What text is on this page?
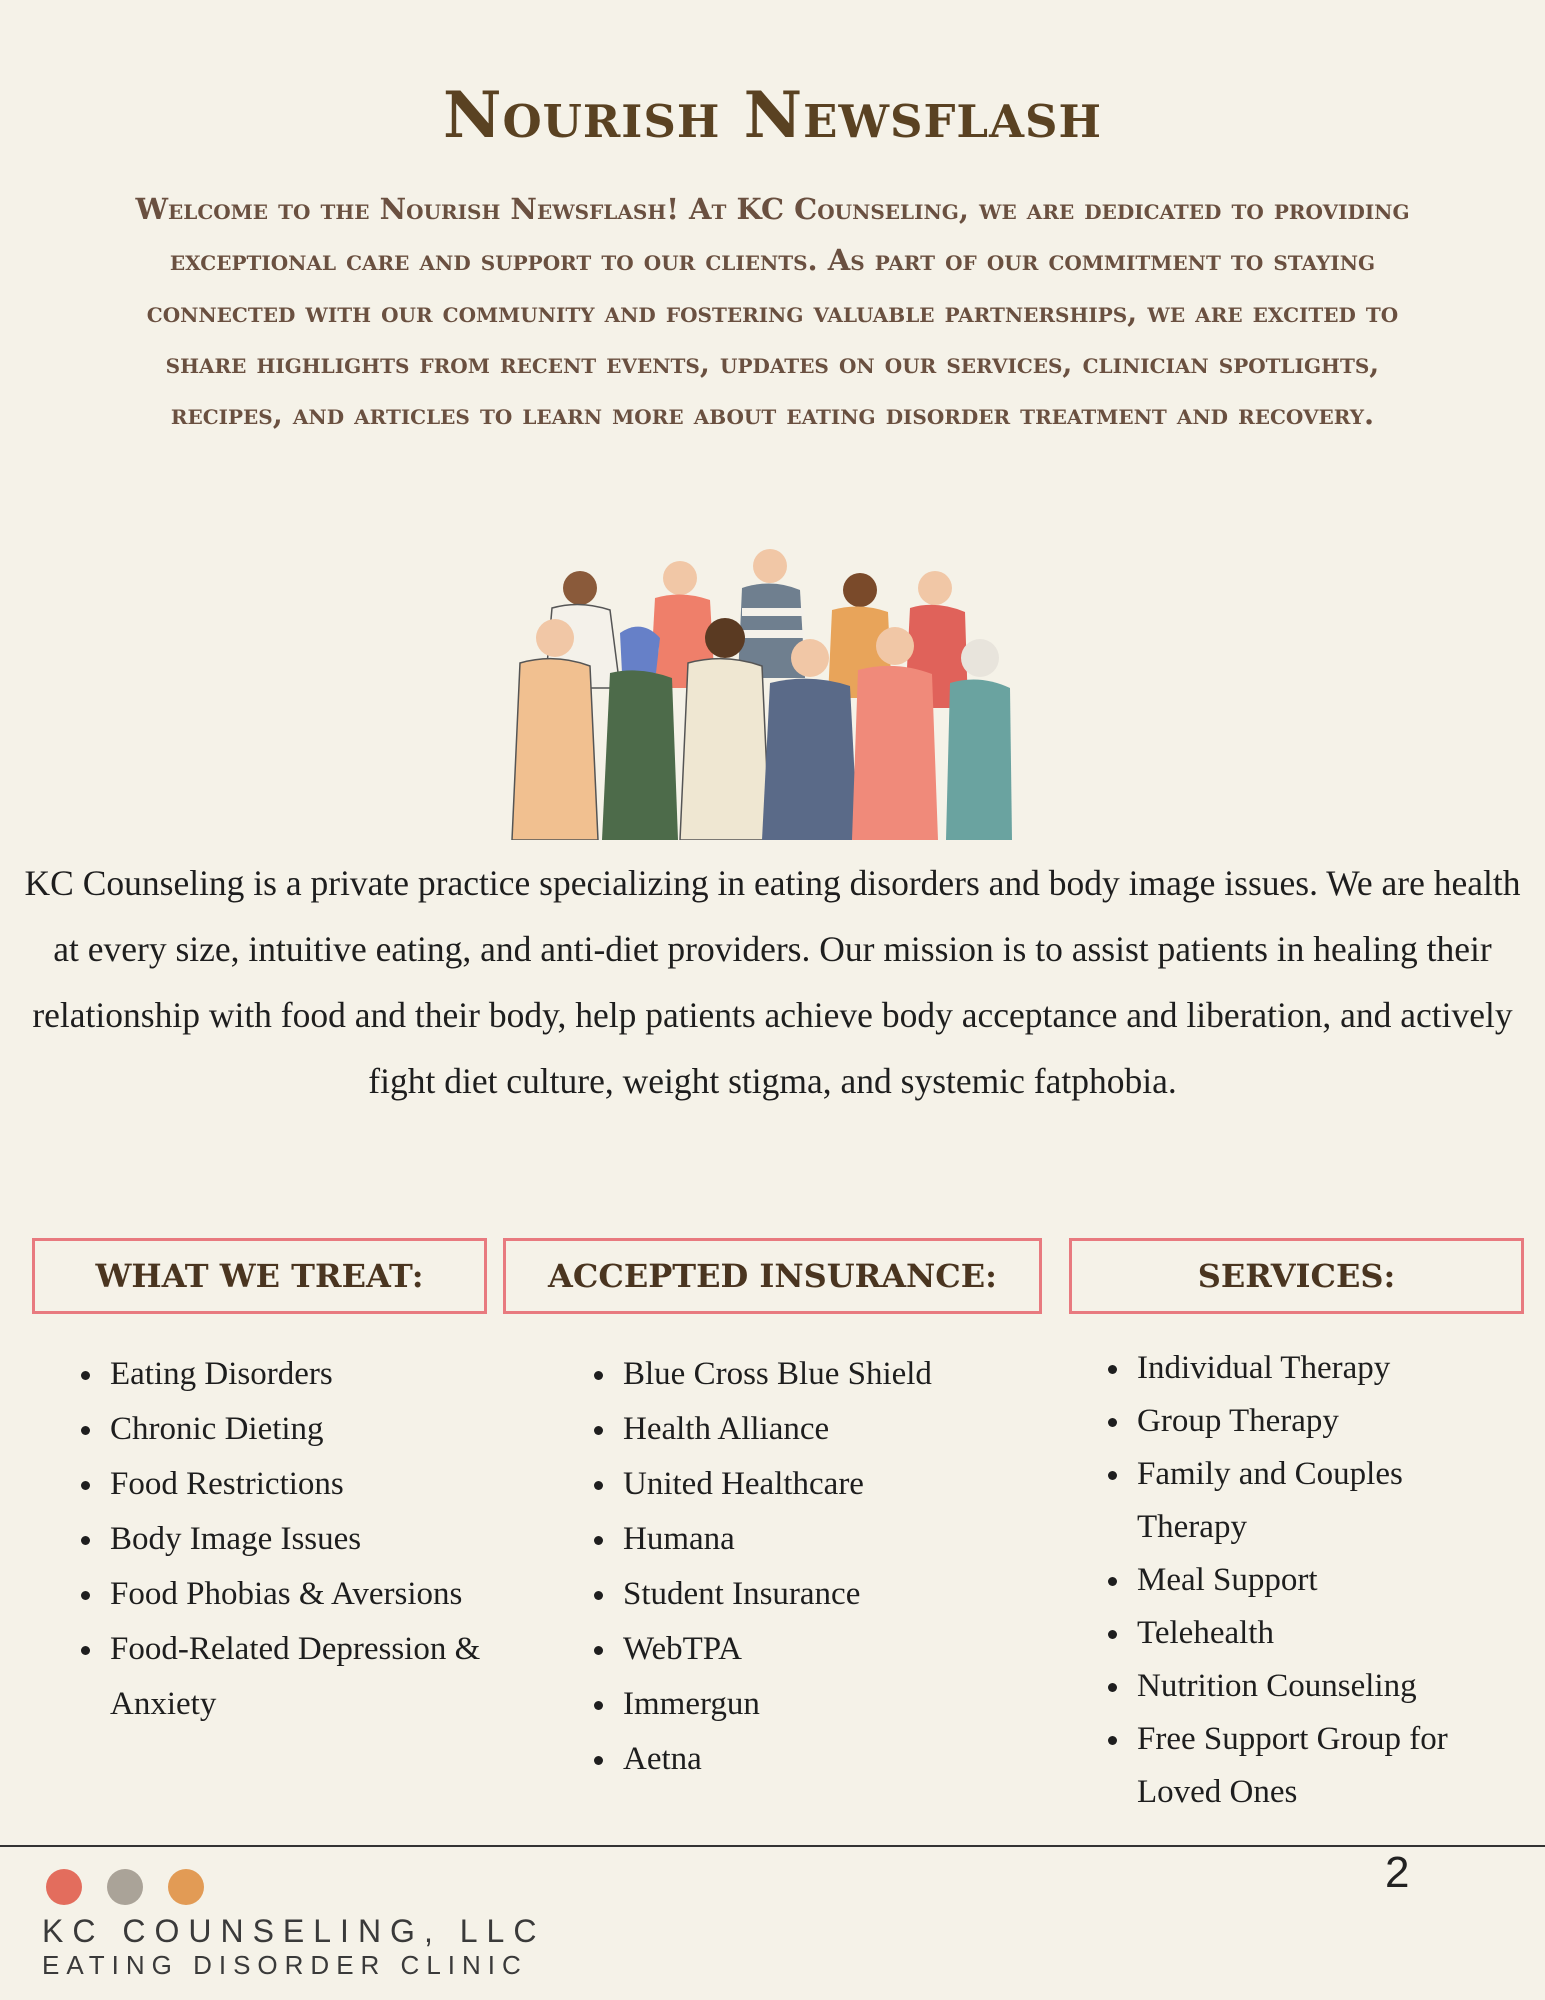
Nourish Newsflash
Welcome to the Nourish Newsflash! At KC Counseling, we are dedicated to providing exceptional care and support to our clients. As part of our commitment to staying connected with our community and fostering valuable partnerships, we are excited to share highlights from recent events, updates on our services, clinician spotlights, recipes, and articles to learn more about eating disorder treatment and recovery.
KC Counseling is a private practice specializing in eating disorders and body image issues. We are health at every size, intuitive eating, and anti-diet providers. Our mission is to assist patients in healing their relationship with food and their body, help patients achieve body acceptance and liberation, and actively fight diet culture, weight stigma, and systemic fatphobia.
WHAT WE TREAT:	ACCEPTED INSURANCE:	SERVICES:
• Eating Disorders
• Chronic Dieting
• Food Restrictions
• Body Image Issues
• Food Phobias & Aversions
• Food-Related Depression & Anxiety
• Blue Cross Blue Shield
• Health Alliance
• United Healthcare
• Humana
• Student Insurance
• WebTPA
• Immergun
• Aetna
• Individual Therapy
• Group Therapy
• Family and Couples Therapy
• Meal Support
• Telehealth
• Nutrition Counseling
• Free Support Group for Loved Ones
2
KC COUNSELING, LLC
EATING DISORDER CLINIC
